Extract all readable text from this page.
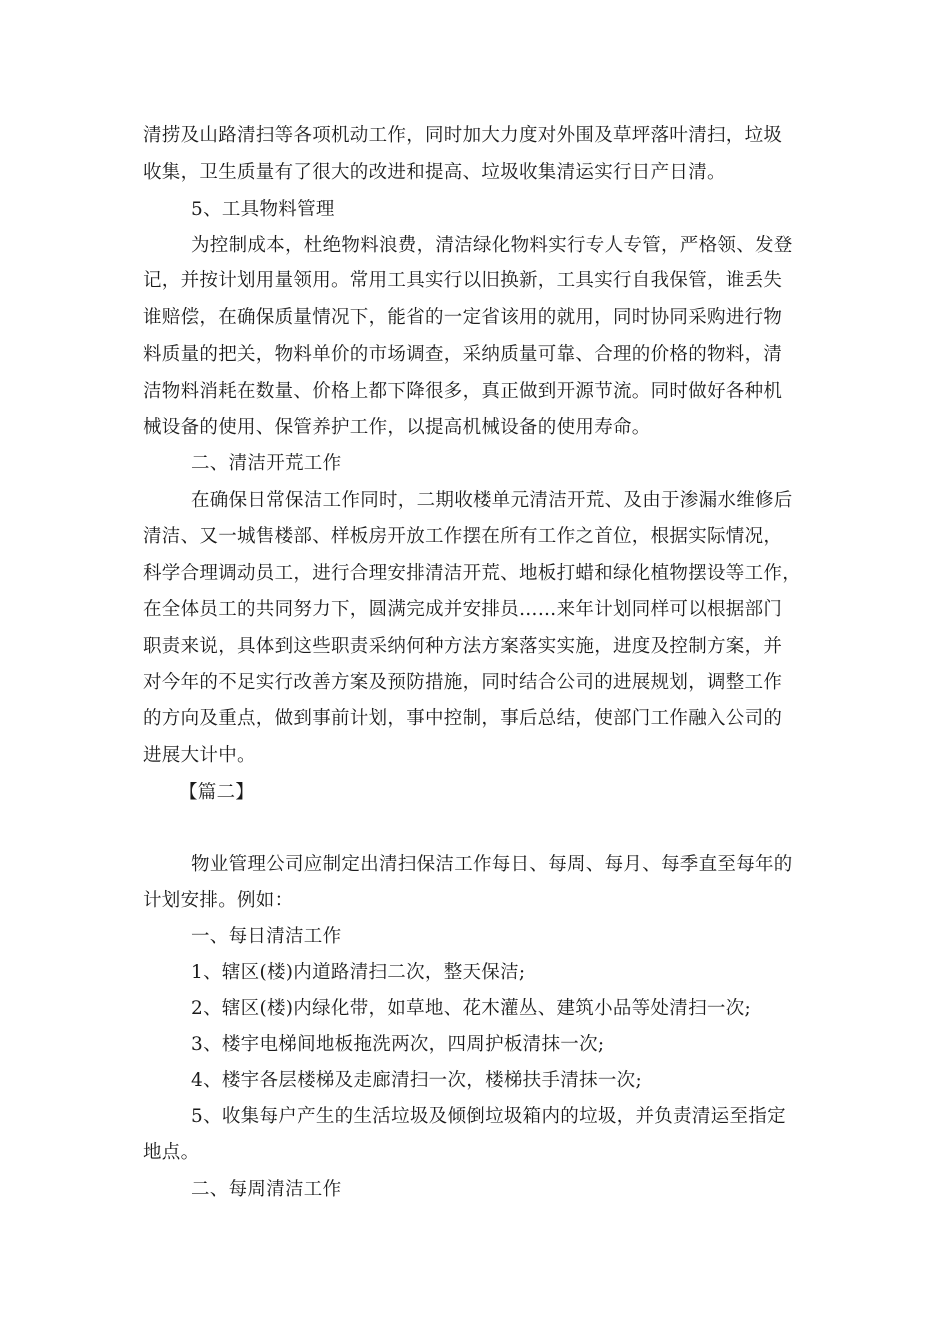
清捞及山路清扫等各项机动工作，同时加大力度对外围及草坪落叶清扫，垃圾
收集，卫生质量有了很大的改进和提高、垃圾收集清运实行日产日清。
5、工具物料管理
为控制成本，杜绝物料浪费，清洁绿化物料实行专人专管，严格领、发登
记，并按计划用量领用。常用工具实行以旧换新，工具实行自我保管，谁丢失
谁赔偿，在确保质量情况下，能省的一定省该用的就用，同时协同采购进行物
料质量的把关，物料单价的市场调查，采纳质量可靠、合理的价格的物料，清
洁物料消耗在数量、价格上都下降很多，真正做到开源节流。同时做好各种机
械设备的使用、保管养护工作，以提高机械设备的使用寿命。
二、清洁开荒工作
在确保日常保洁工作同时，二期收楼单元清洁开荒、及由于渗漏水维修后
清洁、又一城售楼部、样板房开放工作摆在所有工作之首位，根据实际情况，
科学合理调动员工，进行合理安排清洁开荒、地板打蜡和绿化植物摆设等工作，
在全体员工的共同努力下，圆满完成并安排员……来年计划同样可以根据部门
职责来说，具体到这些职责采纳何种方法方案落实实施，进度及控制方案，并
对今年的不足实行改善方案及预防措施，同时结合公司的进展规划，调整工作
的方向及重点，做到事前计划，事中控制，事后总结，使部门工作融入公司的
进展大计中。
【篇二】
物业管理公司应制定出清扫保洁工作每日、每周、每月、每季直至每年的
计划安排。例如：
一、每日清洁工作
1、辖区(楼)内道路清扫二次，整天保洁;
2、辖区(楼)内绿化带，如草地、花木灌丛、建筑小品等处清扫一次;
3、楼宇电梯间地板拖洗两次，四周护板清抹一次;
4、楼宇各层楼梯及走廊清扫一次，楼梯扶手清抹一次;
5、收集每户产生的生活垃圾及倾倒垃圾箱内的垃圾，并负责清运至指定
地点。
二、每周清洁工作
